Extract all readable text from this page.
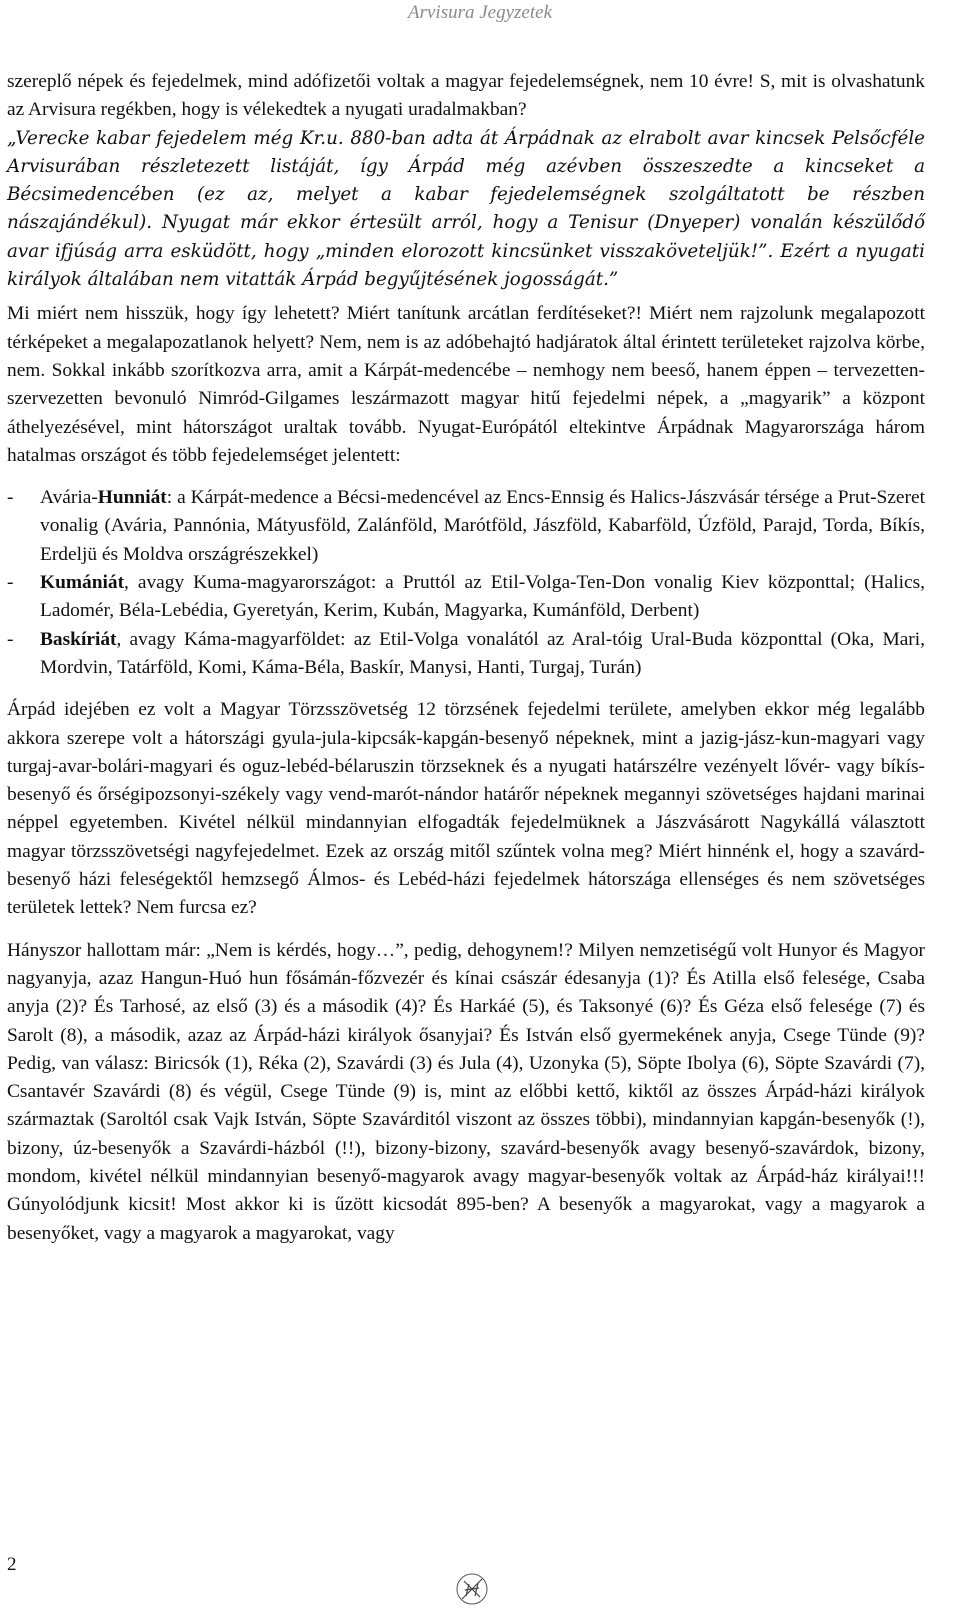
Arvisura Jegyzetek

szereplő népek és fejedelmek, mind adófizetői voltak a magyar fejedelemségnek, nem 10 évre! S, mit is olvashatunk az Arvisura regékben, hogy is vélekedtek a nyugati uradalmakban?

„Verecke kabar fejedelem még Kr.u. 880-ban adta át Árpádnak az elrabolt avar kincsek Pelsőcféle Arvisurában részletezett listáját, így Árpád még azévben összeszedte a kincseket a Bécsimedencében (ez az, melyet a kabar fejedelemségnek szolgáltatott be részben nászajándékul). Nyugat már ekkor értesült arról, hogy a Tenisur (Dnyeper) vonalán készülődő avar ifjúság arra esküdött, hogy „minden elorozott kincsünket visszaköveteljük!”. Ezért a nyugati királyok általában nem vitatták Árpád begyűjtésének jogosságát.”

Mi miért nem hisszük, hogy így lehetett? Miért tanítunk arcátlan ferdítéseket?! Miért nem rajzolunk megalapozott térképeket a megalapozatlanok helyett? Nem, nem is az adóbehajtó hadjáratok által érintett területeket rajzolva körbe, nem. Sokkal inkább szorítkozva arra, amit a Kárpát-medencébe – nemhogy nem beeső, hanem éppen – tervezetten-szervezetten bevonuló Nimród-Gilgames leszármazott magyar hitű fejedelmi népek, a „magyarik” a központ áthelyezésével, mint hátországot uraltak tovább. Nyugat-Európától eltekintve Árpádnak Magyarországa három hatalmas országot és több fejedelemséget jelentett:

- Avária-Hunniát: a Kárpát-medence a Bécsi-medencével az Encs-Ennsig és Halics-Jászvásár térsége a Prut-Szeret vonalig (Avária, Pannónia, Mátyusföld, Zalánföld, Marótföld, Jászföld, Kabarföld, Úzföld, Parajd, Torda, Bíkís, Erdeljü és Moldva országrészekkel)
- Kumániát, avagy Kuma-magyarországot: a Pruttól az Etil-Volga-Ten-Don vonalig Kiev központtal; (Halics, Ladomér, Béla-Lebédia, Gyeretyán, Kerim, Kubán, Magyarka, Kumánföld, Derbent)
- Baskíriát, avagy Káma-magyarföldet: az Etil-Volga vonalától az Aral-tóig Ural-Buda központtal (Oka, Mari, Mordvin, Tatárföld, Komi, Káma-Béla, Baskír, Manysi, Hanti, Turgaj, Turán)

Árpád idejében ez volt a Magyar Törzsszövetség 12 törzsének fejedelmi területe, amelyben ekkor még legalább akkora szerepe volt a hátországi gyula-jula-kipcsák-kapgán-besenyő népeknek, mint a jazig-jász-kun-magyari vagy turgaj-avar-bolári-magyari és oguz-lebéd-bélaruszin törzseknek és a nyugati határszélre vezényelt lővér- vagy bíkís-besenyő és őrségipozsonyi-székely vagy vend-marót-nándor határőr népeknek megannyi szövetséges hajdani marinai néppel egyetemben. Kivétel nélkül mindannyian elfogadták fejedelmüknek a Jászvásárott Nagykállá választott magyar törzsszövetségi nagyfejedelmet. Ezek az ország mitől szűntek volna meg? Miért hinnénk el, hogy a szavárd-besenyő házi feleségektől hemzsegő Álmos- és Lebéd-házi fejedelmek hátországa ellenséges és nem szövetséges területek lettek? Nem furcsa ez?

Hányszor hallottam már: „Nem is kérdés, hogy…”, pedig, dehogynem!? Milyen nemzetiségű volt Hunyor és Magyor nagyanyja, azaz Hangun-Huó hun fősámán-főzvezér és kínai császár édesanyja (1)? És Atilla első felesége, Csaba anyja (2)? És Tarhosé, az első (3) és a második (4)? És Harkáé (5), és Taksonyé (6)? És Géza első felesége (7) és Sarolt (8), a második, azaz az Árpád-házi királyok ősanyjai? És István első gyermekének anyja, Csege Tünde (9)? Pedig, van válasz: Biricsók (1), Réka (2), Szavárdi (3) és Jula (4), Uzonyka (5), Söpte Ibolya (6), Söpte Szavárdi (7), Csantavér Szavárdi (8) és végül, Csege Tünde (9) is, mint az előbbi kettő, kiktől az összes Árpád-házi királyok származtak (Saroltól csak Vajk István, Söpte Szavárditól viszont az összes többi), mindannyian kapgán-besenyők (!), bizony, úz-besenyők a Szavárdi-házból (!!), bizony-bizony, szavárd-besenyők avagy besenyő-szavárdok, bizony, mondom, kivétel nélkül mindannyian besenyő-magyarok avagy magyar-besenyők voltak az Árpád-ház királyai!!! Gúnyolódjunk kicsit! Most akkor ki is űzött kicsodát 895-ben? A besenyők a magyarokat, vagy a magyarok a besenyőket, vagy a magyarok a magyarokat, vagy

2
